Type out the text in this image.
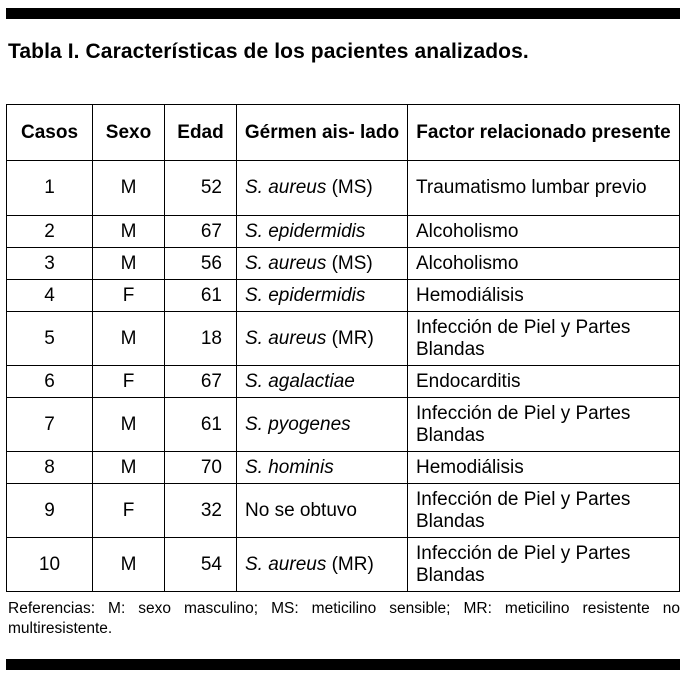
Tabla I. Características de los pacientes analizados.
Casos	Sexo	Edad	Gérmen ais- lado	Factor relacionado presente
1	M	52	S. aureus (MS)	Traumatismo lumbar previo
2	M	67	S. epidermidis	Alcoholismo
3	M	56	S. aureus (MS)	Alcoholismo
4	F	61	S. epidermidis	Hemodiálisis
5	M	18	S. aureus (MR)	Infección de Piel y Partes Blandas
6	F	67	S. agalactiae	Endocarditis
7	M	61	S. pyogenes	Infección de Piel y Partes Blandas
8	M	70	S. hominis	Hemodiálisis
9	F	32	No se obtuvo	Infección de Piel y Partes Blandas
10	M	54	S. aureus (MR)	Infección de Piel y Partes Blandas

Referencias: M: sexo masculino; MS: meticilino sensible; MR: meticilino resistente no multiresistente.
